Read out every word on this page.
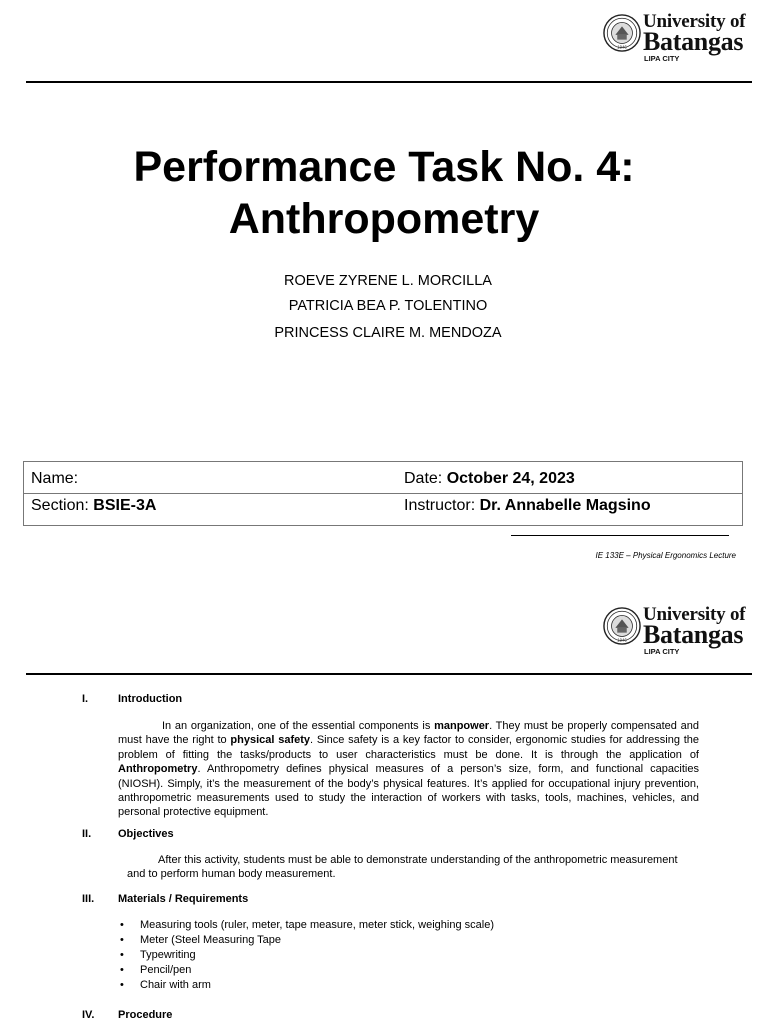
1946
University of
Batangas
LIPA CITY
Performance Task No. 4:
Anthropometry
ROEVE ZYRENE L. MORCILLA
PATRICIA BEA P. TOLENTINO
PRINCESS CLAIRE M. MENDOZA
Name:	Date: October 24, 2023
Section: BSIE-3A	Instructor: Dr. Annabelle Magsino
IE 133E – Physical Ergonomics Lecture
1946
University of
Batangas
LIPA CITY
I.	Introduction

In an organization, one of the essential components is manpower. They must be properly compensated and must have the right to physical safety. Since safety is a key factor to consider, ergonomic studies for addressing the problem of fitting the tasks/products to user characteristics must be done. It is through the application of Anthropometry. Anthropometry defines physical measures of a person’s size, form, and functional capacities (NIOSH). Simply, it’s the measurement of the body’s physical features. It’s applied for occupational injury prevention, anthropometric measurements used to study the interaction of workers with tasks, tools, machines, vehicles, and personal protective equipment.

II. Objectives

After this activity, students must be able to demonstrate understanding of the anthropometric measurement and to perform human body measurement.

III. Materials / Requirements
• Measuring tools (ruler, meter, tape measure, meter stick, weighing scale)
• Meter (Steel Measuring Tape
• Typewriting
• Pencil/pen
• Chair with arm
IV. Procedure
